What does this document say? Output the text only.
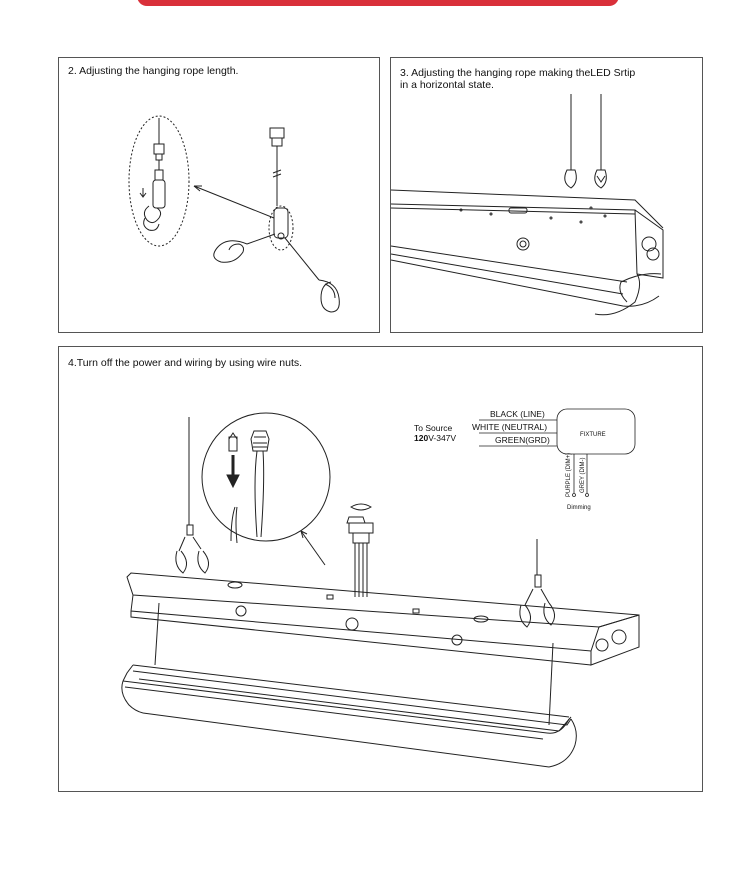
2. Adjusting the hanging rope length.	3. Adjusting the hanging rope making theLED Srtip
in a horizontal state.
4.Turn off the power and wiring by using wire nuts.
To Source
120V-347V
BLACK (LINE)
WHITE (NEUTRAL)
GREEN(GRD)	FIXTURE
PURPLE (DIM+)	GREY (DIM-)
Dimming
